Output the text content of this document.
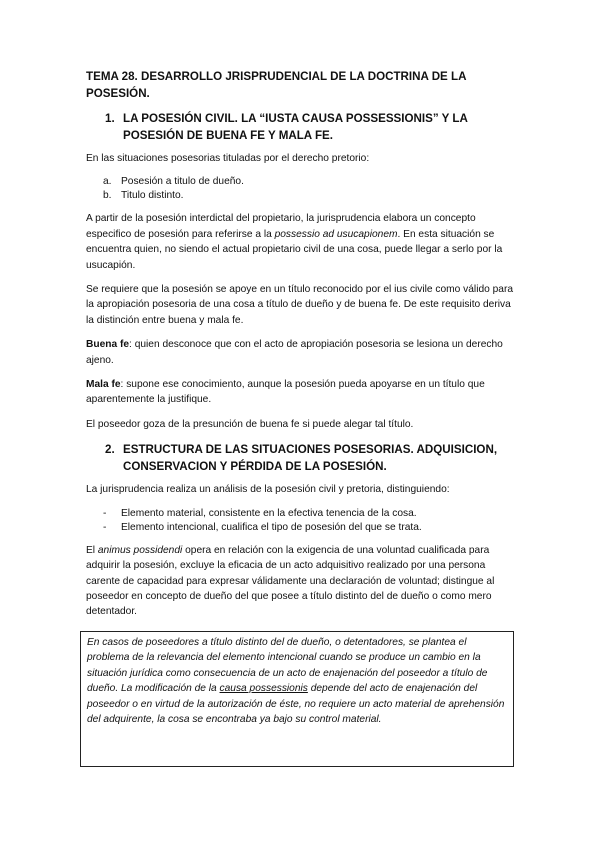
TEMA 28. DESARROLLO JRISPRUDENCIAL DE LA DOCTRINA DE LA POSESIÓN.
1. LA POSESIÓN CIVIL. LA “IUSTA CAUSA POSSESSIONIS” Y LA POSESIÓN DE BUENA FE Y MALA FE.

En las situaciones posesorias tituladas por el derecho pretorio:

a. Posesión a titulo de dueño.
b. Titulo distinto.

A partir de la posesión interdictal del propietario, la jurisprudencia elabora un concepto especifico de posesión para referirse a la possessio ad usucapionem. En esta situación se encuentra quien, no siendo el actual propietario civil de una cosa, puede llegar a serlo por la usucapión.

Se requiere que la posesión se apoye en un título reconocido por el ius civile como válido para la apropiación posesoria de una cosa a título de dueño y de buena fe. De este requisito deriva la distinción entre buena y mala fe.

Buena fe: quien desconoce que con el acto de apropiación posesoria se lesiona un derecho ajeno.

Mala fe: supone ese conocimiento, aunque la posesión pueda apoyarse en un título que aparentemente la justifique.

El poseedor goza de la presunción de buena fe si puede alegar tal título.

2. ESTRUCTURA DE LAS SITUACIONES POSESORIAS. ADQUISICION, CONSERVACION Y PÉRDIDA DE LA POSESIÓN.

La jurisprudencia realiza un análisis de la posesión civil y pretoria, distinguiendo:

-	Elemento material, consistente en la efectiva tenencia de la cosa.
-	Elemento intencional, cualifica el tipo de posesión del que se trata.

El animus possidendi opera en relación con la exigencia de una voluntad cualificada para adquirir la posesión, excluye la eficacia de un acto adquisitivo realizado por una persona carente de capacidad para expresar válidamente una declaración de voluntad; distingue al poseedor en concepto de dueño del que posee a título distinto del de dueño o como mero detentador.

En casos de poseedores a título distinto del de dueño, o detentadores, se plantea el problema de la relevancia del elemento intencional cuando se produce un cambio en la situación jurídica como consecuencia de un acto de enajenación del poseedor a título de dueño. La modificación de la causa possessionis depende del acto de enajenación del poseedor o en virtud de la autorización de éste, no requiere un acto material de aprehensión del adquirente, la cosa se encontraba ya bajo su control material.
